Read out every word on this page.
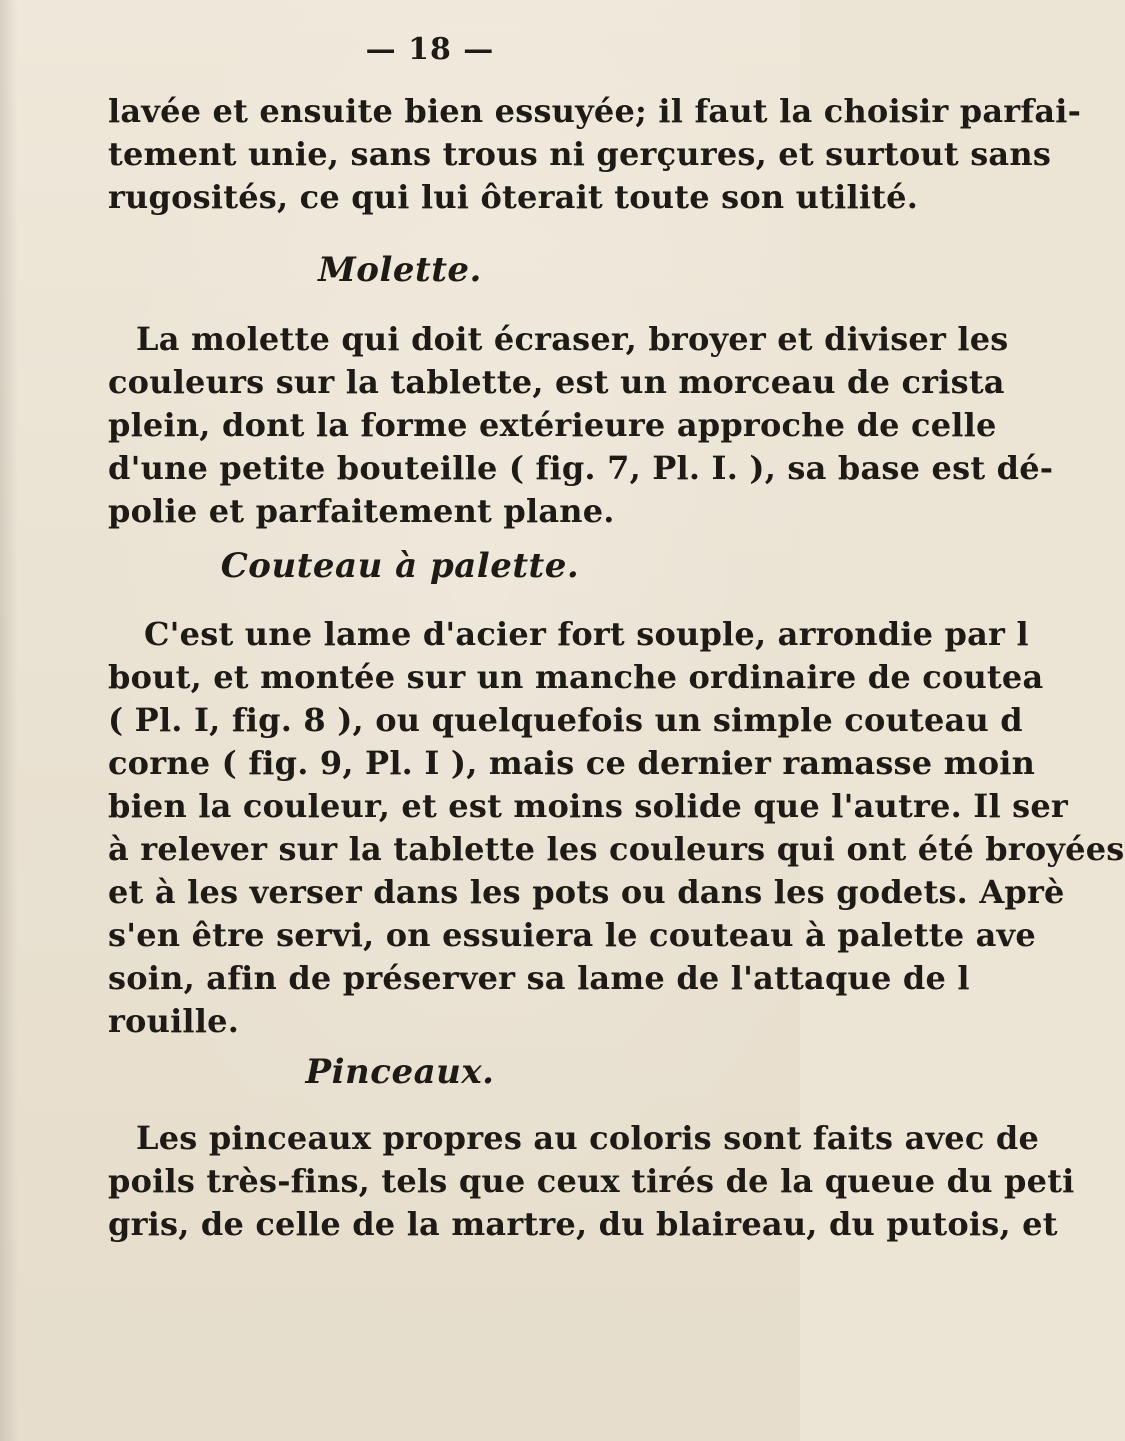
— 18 —
lavée et ensuite bien essuyée; il faut la choisir parfai-
tement unie, sans trous ni gerçures, et surtout sans
rugosités, ce qui lui ôterait toute son utilité.
Molette.
La molette qui doit écraser, broyer et diviser les
couleurs sur la tablette, est un morceau de crista
plein, dont la forme extérieure approche de celle
d'une petite bouteille ( fig. 7, Pl. I. ), sa base est dé-
polie et parfaitement plane.
Couteau à palette.
C'est une lame d'acier fort souple, arrondie par l
bout, et montée sur un manche ordinaire de coutea
( Pl. I, fig. 8 ), ou quelquefois un simple couteau d
corne ( fig. 9, Pl. I ), mais ce dernier ramasse moin
bien la couleur, et est moins solide que l'autre. Il ser
à relever sur la tablette les couleurs qui ont été broyées
et à les verser dans les pots ou dans les godets. Aprè
s'en être servi, on essuiera le couteau à palette ave
soin, afin de préserver sa lame de l'attaque de l
rouille.
Pinceaux.
Les pinceaux propres au coloris sont faits avec de
poils très-fins, tels que ceux tirés de la queue du peti
gris, de celle de la martre, du blaireau, du putois, et
